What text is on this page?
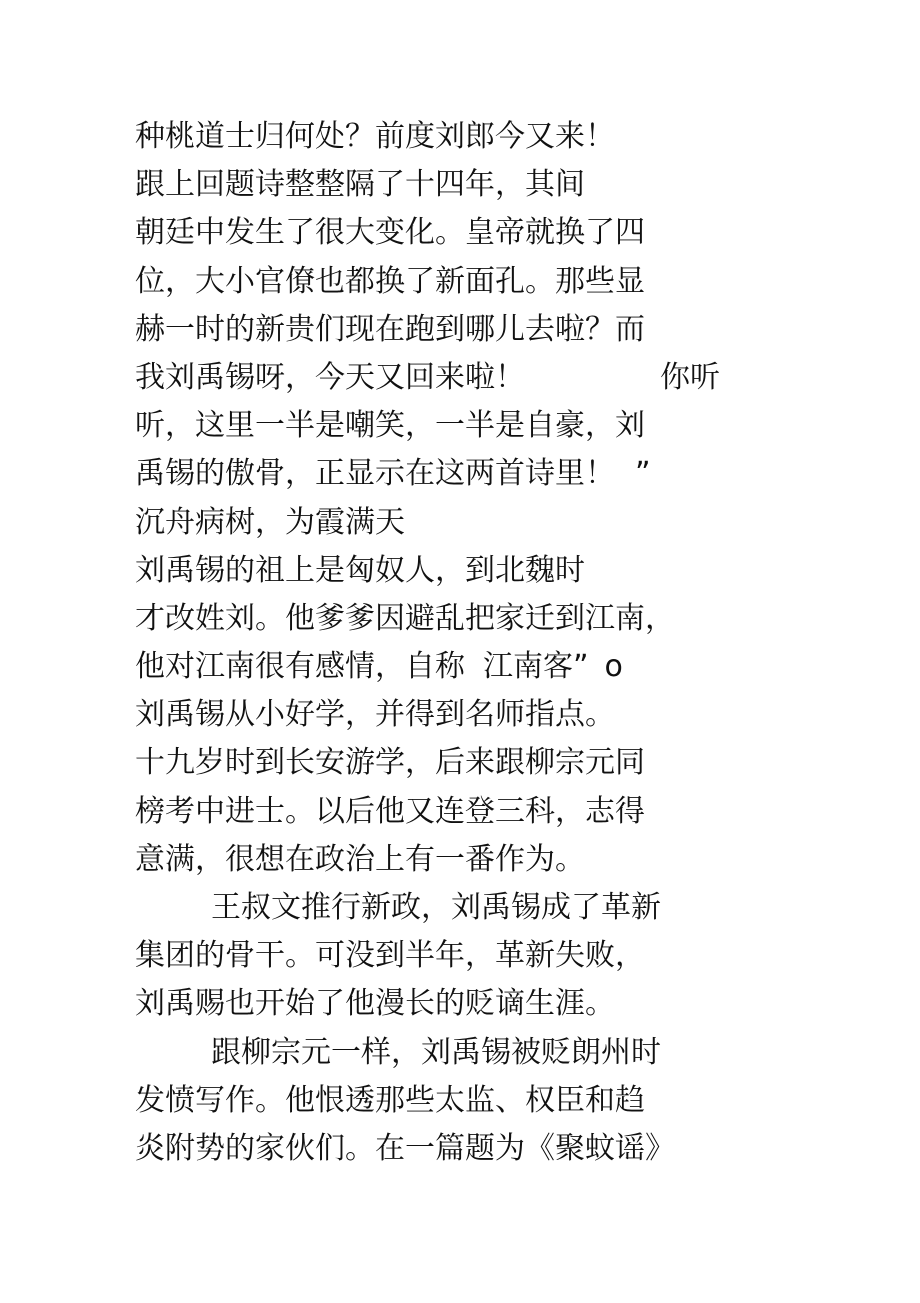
种桃道士归何处？前度刘郎今又来！
跟上回题诗整整隔了十四年，其间
朝廷中发生了很大变化。皇帝就换了四
位，大小官僚也都换了新面孔。那些显
赫一时的新贵们现在跑到哪儿去啦？而
我刘禹锡呀，今天又回来啦！	你听
听，这里一半是嘲笑，一半是自豪，刘
禹锡的傲骨，正显示在这两首诗里！ ”
沉舟病树，为霞满天
刘禹锡的祖上是匈奴人，到北魏时
才改姓刘。他爹爹因避乱把家迁到江南，
他对江南很有感情，自称 江南客” o
刘禹锡从小好学，并得到名师指点。
十九岁时到长安游学，后来跟柳宗元同
榜考中进士。以后他又连登三科，志得
意满，很想在政治上有一番作为。
王叔文推行新政，刘禹锡成了革新
集团的骨干。可没到半年，革新失败，
刘禹赐也开始了他漫长的贬谪生涯。
跟柳宗元一样，刘禹锡被贬朗州时
发愤写作。他恨透那些太监、权臣和趋
炎附势的家伙们。在一篇题为《聚蚊谣》
